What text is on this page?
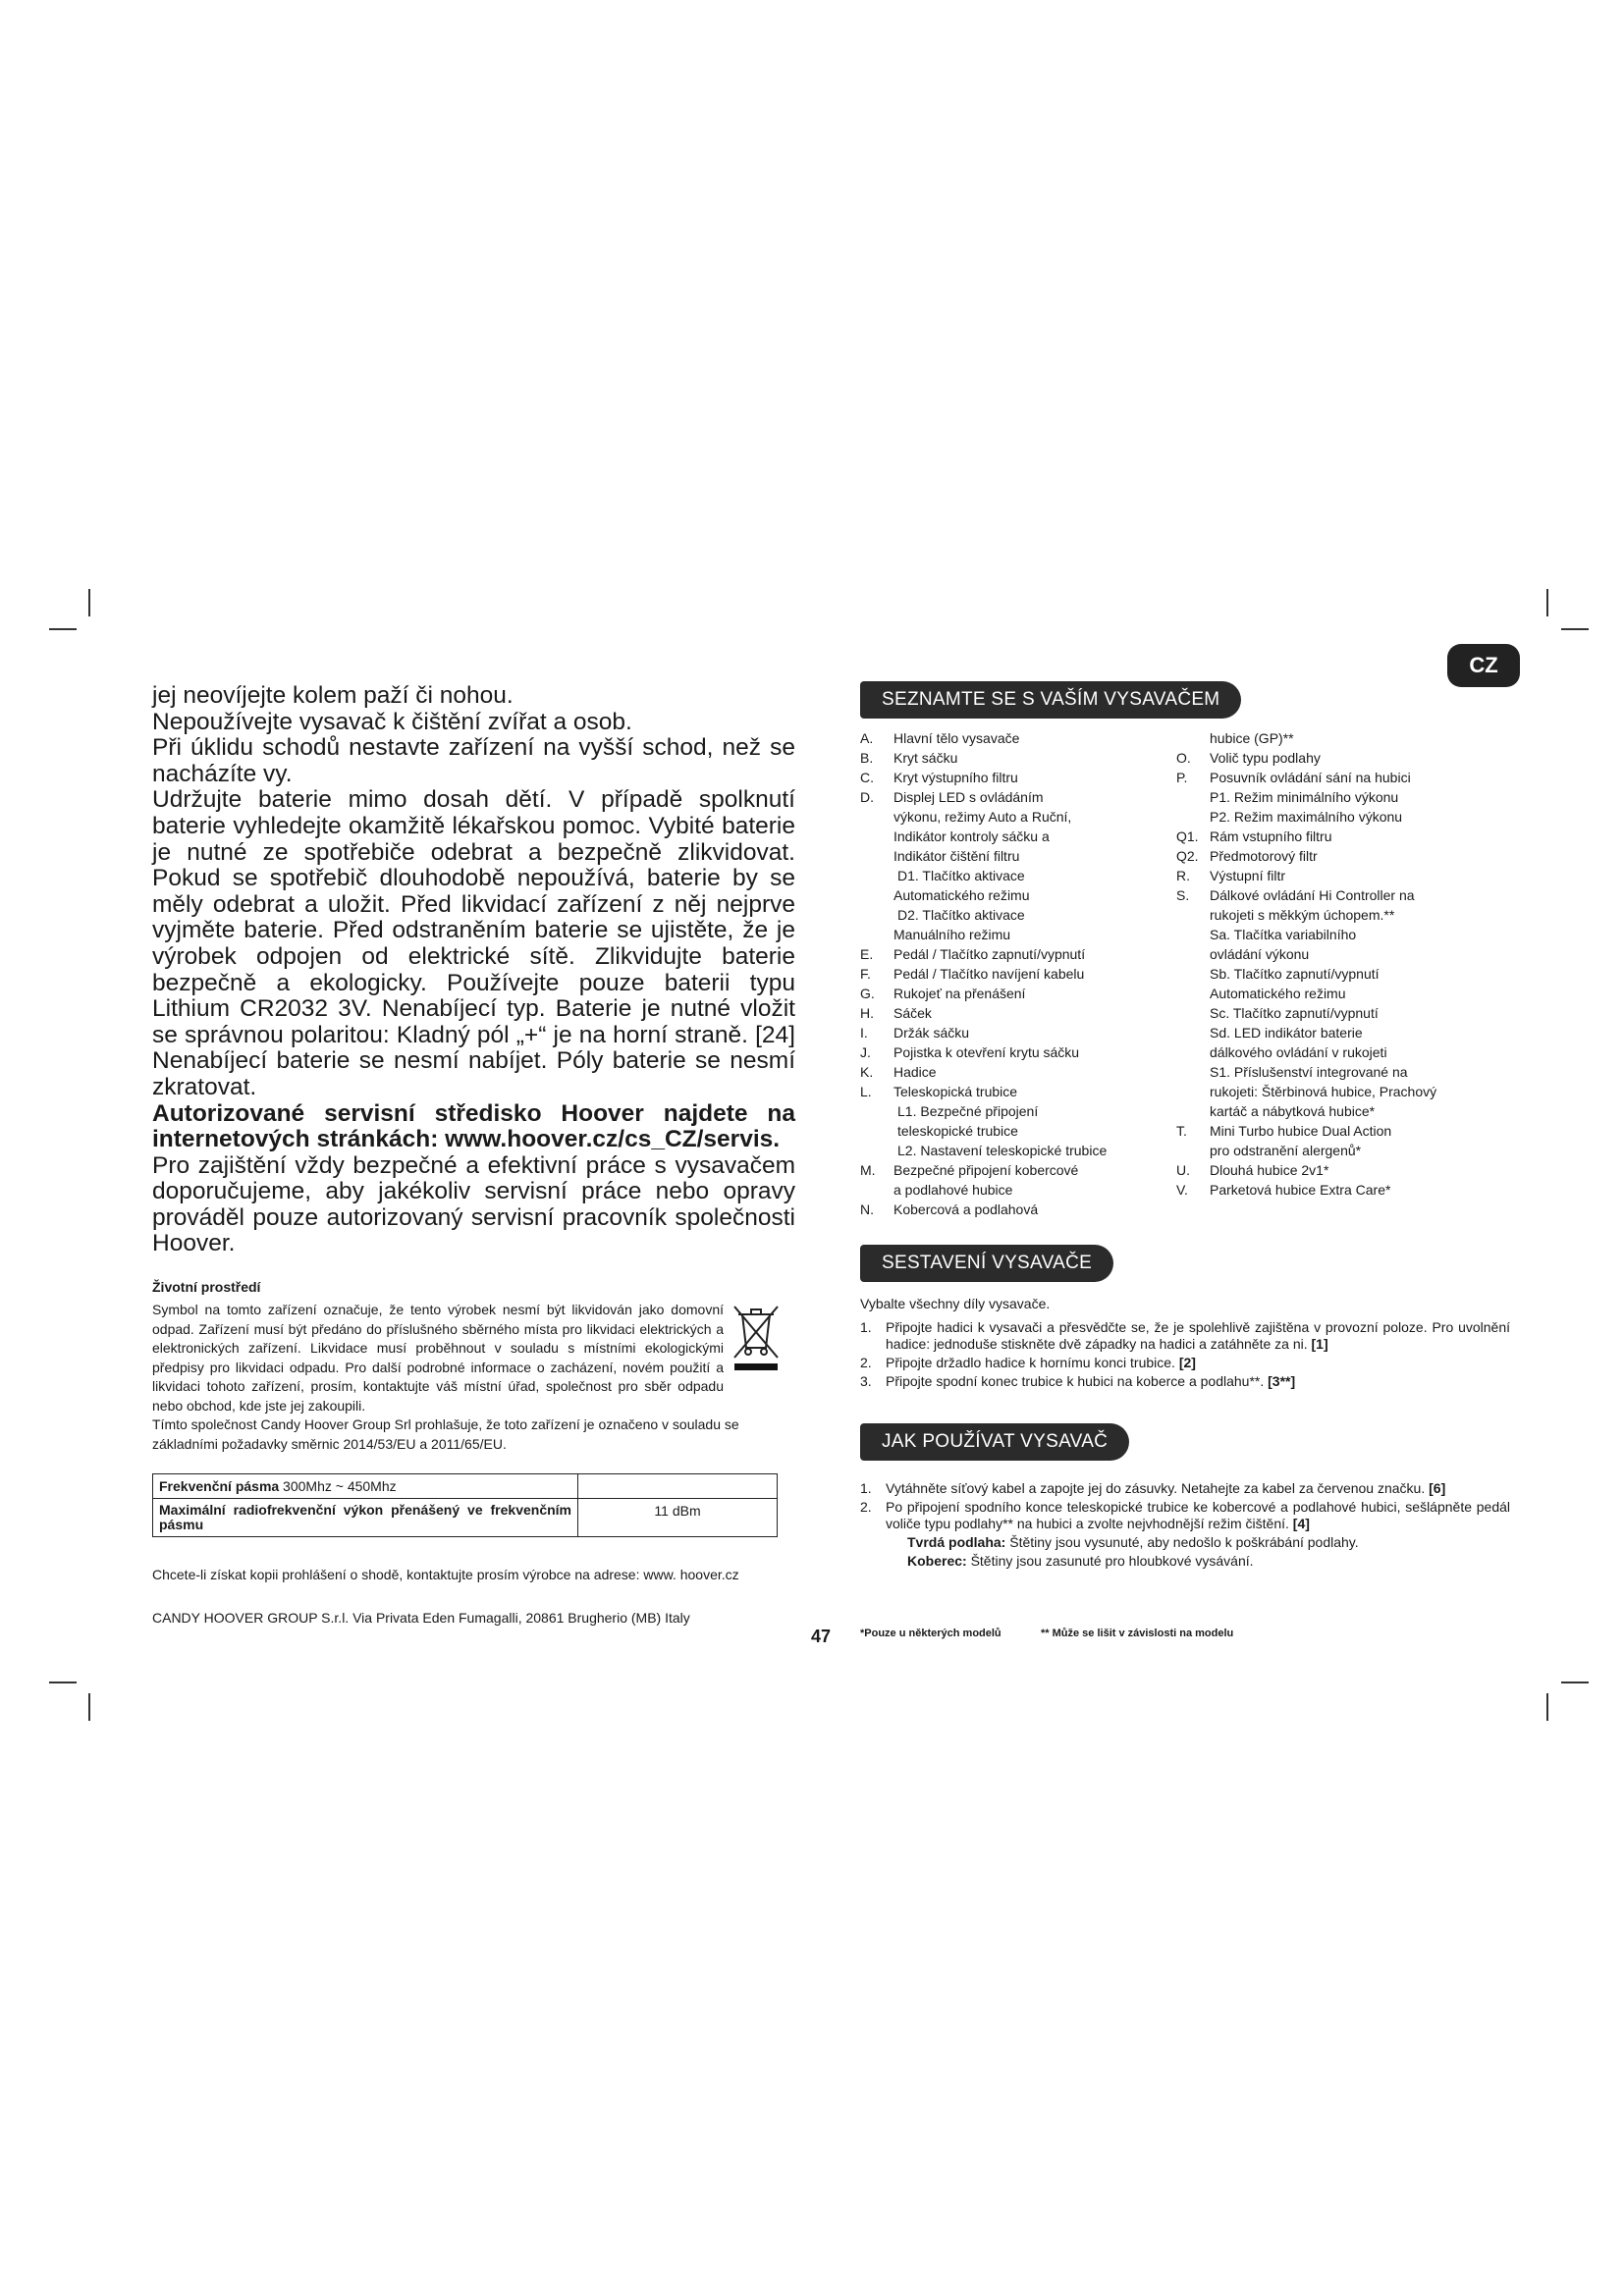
CZ

jej neovíjejte kolem paží či nohou.

Nepoužívejte vysavač k čištění zvířat a osob.

Při úklidu schodů nestavte zařízení na vyšší schod, než se nacházíte vy.

Udržujte baterie mimo dosah dětí. V případě spolknutí baterie vyhledejte okamžitě lékařskou pomoc. Vybité baterie je nutné ze spotřebiče odebrat a bezpečně zlikvidovat. Pokud se spotřebič dlouhodobě nepoužívá, baterie by se měly odebrat a uložit. Před likvidací zařízení z něj nejprve vyjměte baterie. Před odstraněním baterie se ujistěte, že je výrobek odpojen od elektrické sítě. Zlikvidujte baterie bezpečně a ekologicky. Používejte pouze baterii typu Lithium CR2032 3V. Nenabíjecí typ. Baterie je nutné vložit se správnou polaritou: Kladný pól „+“ je na horní straně. [24] Nenabíjecí baterie se nesmí nabíjet. Póly baterie se nesmí zkratovat.

Autorizované servisní středisko Hoover najdete na internetových stránkách: www.hoover.cz/cs_CZ/servis.

Pro zajištění vždy bezpečné a efektivní práce s vysavačem doporučujeme, aby jakékoliv servisní práce nebo opravy prováděl pouze autorizovaný servisní pracovník společnosti Hoover.

Životní prostředí
Symbol na tomto zařízení označuje, že tento výrobek nesmí být likvidován jako domovní odpad. Zařízení musí být předáno do příslušného sběrného místa pro likvidaci elektrických a elektronických zařízení. Likvidace musí proběhnout v souladu s místními ekologickými předpisy pro likvidaci odpadu. Pro další podrobné informace o zacházení, novém použití a likvidaci tohoto zařízení, prosím, kontaktujte váš místní úřad, společnost pro sběr odpadu nebo obchod, kde jste jej zakoupili.
Tímto společnost Candy Hoover Group Srl prohlašuje, že toto zařízení je označeno v souladu se základními požadavky směrnic 2014/53/EU a 2011/65/EU.
Frekvenční pásma 300Mhz ~ 450Mhz	
Maximální radiofrekvenční výkon přenášený ve frekvenčním pásmu	11 dBm
Chcete-li získat kopii prohlášení o shodě, kontaktujte prosím výrobce na adrese: www. hoover.cz
CANDY HOOVER GROUP S.r.l. Via Privata Eden Fumagalli, 20861 Brugherio (MB) Italy
SEZNAMTE SE S VAŠÍM VYSAVAČEM
A. Hlavní tělo vysavače
B. Kryt sáčku
C. Kryt výstupního filtru
D. Displej LED s ovládáním
výkonu, režimy Auto a Ruční,
Indikátor kontroly sáčku a
Indikátor čištění filtru
D1. Tlačítko aktivace
Automatického režimu
D2. Tlačítko aktivace
Manuálního režimu
E. Pedál / Tlačítko zapnutí/vypnutí
F. Pedál / Tlačítko navíjení kabelu
G. Rukojeť na přenášení
H. Sáček
I. Držák sáčku
J. Pojistka k otevření krytu sáčku
K. Hadice
L. Teleskopická trubice
L1. Bezpečné připojení
teleskopické trubice
L2. Nastavení teleskopické trubice
M. Bezpečné připojení kobercové
a podlahové hubice
N. Kobercová a podlahová
hubice (GP)**
O. Volič typu podlahy
P. Posuvník ovládání sání na hubici
P1. Režim minimálního výkonu
P2. Režim maximálního výkonu
Q1. Rám vstupního filtru
Q2. Předmotorový filtr
R. Výstupní filtr
S. Dálkové ovládání Hi Controller na
rukojeti s měkkým úchopem.**
Sa. Tlačítka variabilního
ovládání výkonu
Sb. Tlačítko zapnutí/vypnutí
Automatického režimu
Sc. Tlačítko zapnutí/vypnutí
Sd. LED indikátor baterie
dálkového ovládání v rukojeti
S1. Příslušenství integrované na
rukojeti: Štěrbinová hubice, Prachový
kartáč a nábytková hubice*
T. Mini Turbo hubice Dual Action
pro odstranění alergenů*
U. Dlouhá hubice 2v1*
V. Parketová hubice Extra Care*
SESTAVENÍ VYSAVAČE
Vybalte všechny díly vysavače.
1.	Připojte hadici k vysavači a přesvědčte se, že je spolehlivě zajištěna v provozní poloze. Pro uvolnění hadice: jednoduše stiskněte dvě západky na hadici a zatáhněte za ni. [1]
2.	Připojte držadlo hadice k hornímu konci trubice. [2]
3.	Připojte spodní konec trubice k hubici na koberce a podlahu**. [3**]
JAK POUŽÍVAT VYSAVAČ
1.	Vytáhněte síťový kabel a zapojte jej do zásuvky. Netahejte za kabel za červenou značku. [6]
2.	Po připojení spodního konce teleskopické trubice ke kobercové a podlahové hubici, sešlápněte pedál voliče typu podlahy** na hubici a zvolte nejvhodnější režim čištění. [4]
Tvrdá podlaha: Štětiny jsou vysunuté, aby nedošlo k poškrábání podlahy.
Koberec: Štětiny jsou zasunuté pro hloubkové vysávání.
47	*Pouze u některých modelů	** Může se lišit v závislosti na modelu
